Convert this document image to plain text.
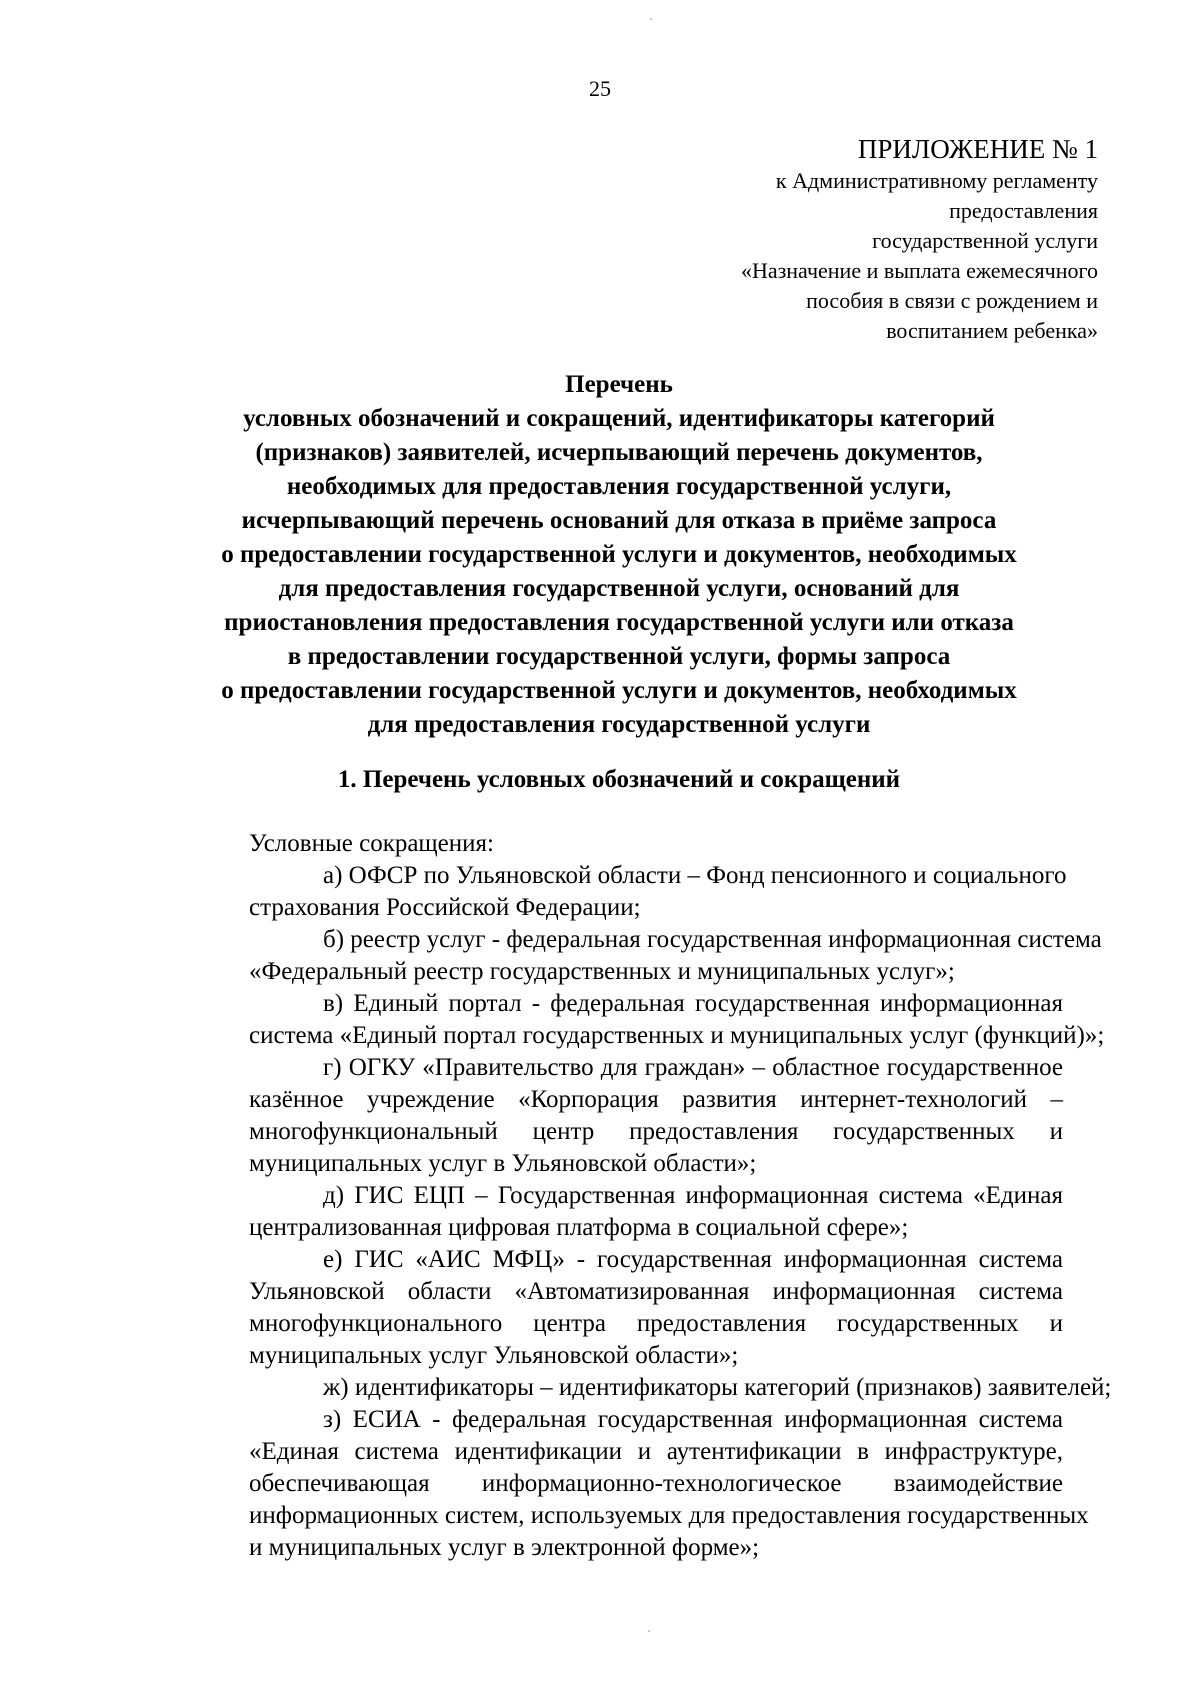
25
ПРИЛОЖЕНИЕ № 1
к Административному регламенту
предоставления
государственной услуги
«Назначение и выплата ежемесячного
пособия в связи с рождением и
воспитанием ребенка»
Перечень
условных обозначений и сокращений, идентификаторы категорий
(признаков) заявителей, исчерпывающий перечень документов,
необходимых для предоставления государственной услуги,
исчерпывающий перечень оснований для отказа в приёме запроса
о предоставлении государственной услуги и документов, необходимых
для предоставления государственной услуги, оснований для
приостановления предоставления государственной услуги или отказа
в предоставлении государственной услуги, формы запроса
о предоставлении государственной услуги и документов, необходимых
для предоставления государственной услуги
1. Перечень условных обозначений и сокращений

Условные сокращения:

а) ОФСР по Ульяновской области – Фонд пенсионного и социального
страхования Российской Федерации;

б) реестр услуг - федеральная государственная информационная система
«Федеральный реестр государственных и муниципальных услуг»;

в) Единый портал - федеральная государственная информационная
система «Единый портал государственных и муниципальных услуг (функций)»;

г) ОГКУ «Правительство для граждан» – областное государственное
казённое учреждение «Корпорация развития интернет-технологий –
многофункциональный центр предоставления государственных и
муниципальных услуг в Ульяновской области»;

д) ГИС ЕЦП – Государственная информационная система «Единая
централизованная цифровая платформа в социальной сфере»;

е) ГИС «АИС МФЦ» - государственная информационная система
Ульяновской области «Автоматизированная информационная система
многофункционального центра предоставления государственных и
муниципальных услуг Ульяновской области»;

ж) идентификаторы – идентификаторы категорий (признаков) заявителей;

з) ЕСИА - федеральная государственная информационная система
«Единая система идентификации и аутентификации в инфраструктуре,
обеспечивающая информационно-технологическое взаимодействие
информационных систем, используемых для предоставления государственных
и муниципальных услуг в электронной форме»;
